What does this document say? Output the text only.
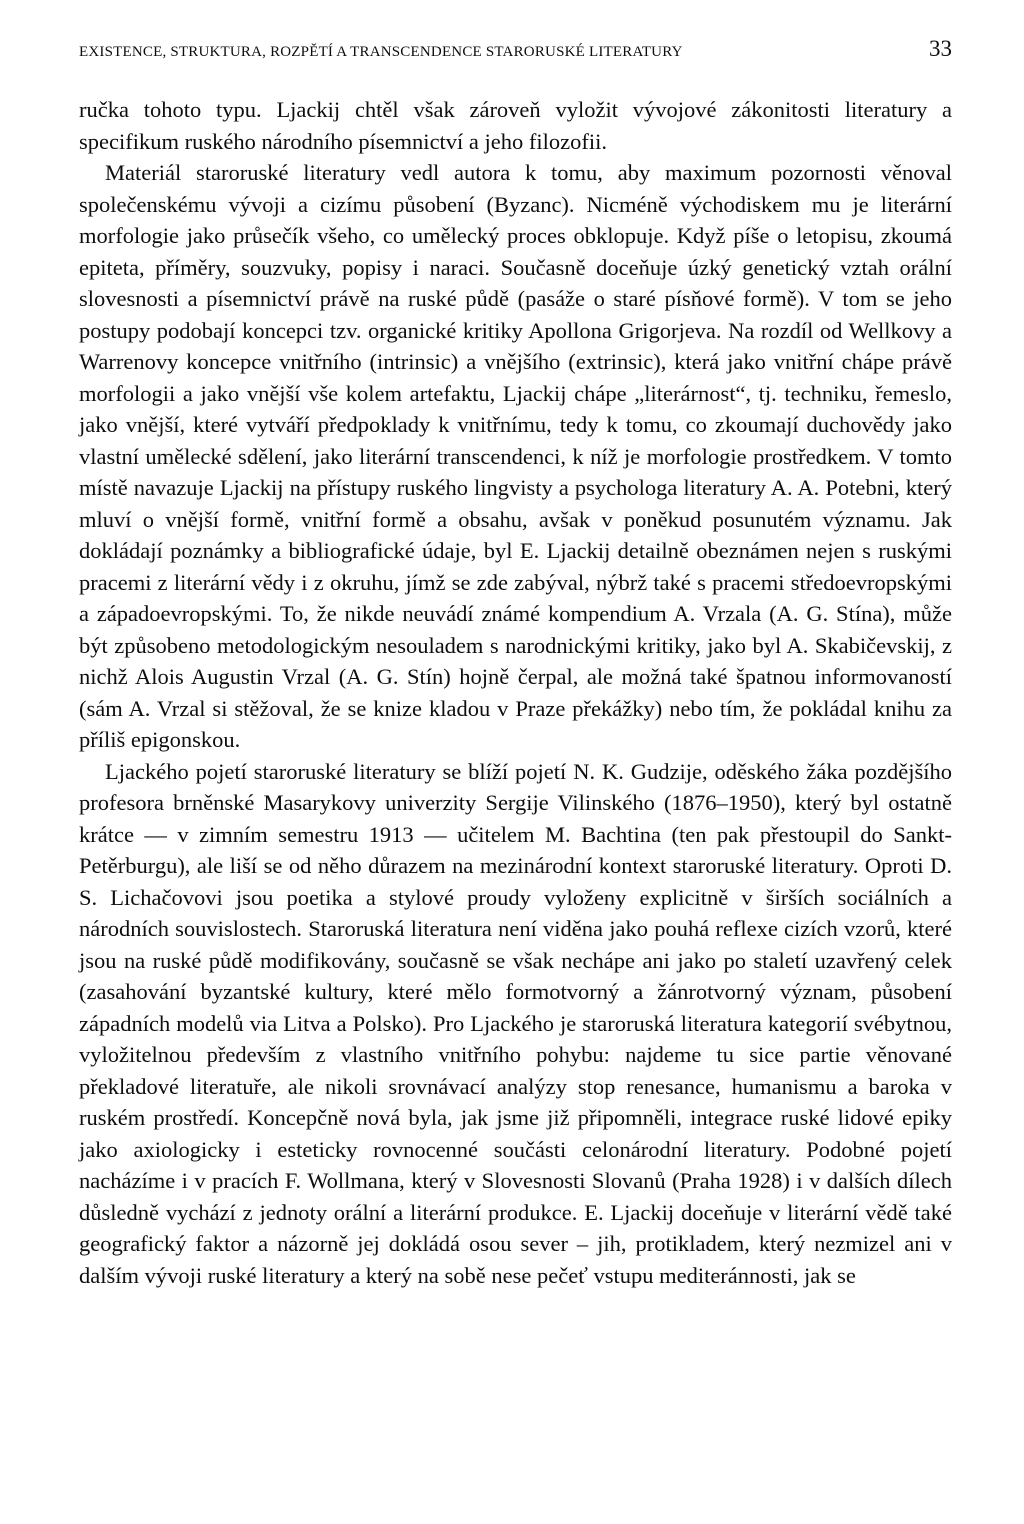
EXISTENCE, STRUKTURA, ROZPĚTÍ A TRANSCENDENCE STARORUSKÉ LITERATURY	33

ručka tohoto typu. Ljackij chtěl však zároveň vyložit vývojové zákonitosti literatury a specifikum ruského národního písemnictví a jeho filozofii.

Materiál staroruské literatury vedl autora k tomu, aby maximum pozornosti věnoval společenskému vývoji a cizímu působení (Byzanc). Nicméně východiskem mu je literární morfologie jako průsečík všeho, co umělecký proces obklopuje. Když píše o letopisu, zkoumá epiteta, příměry, souzvuky, popisy i naraci. Současně doceňuje úzký genetický vztah orální slovesnosti a písemnictví právě na ruské půdě (pasáže o staré písňové formě). V tom se jeho postupy podobají koncepci tzv. organické kritiky Apollona Grigorjeva. Na rozdíl od Wellkovy a Warrenovy koncepce vnitřního (intrinsic) a vnějšího (extrinsic), která jako vnitřní chápe právě morfologii a jako vnější vše kolem artefaktu, Ljackij chápe „literárnost“, tj. techniku, řemeslo, jako vnější, které vytváří předpoklady k vnitřnímu, tedy k tomu, co zkoumají duchovědy jako vlastní umělecké sdělení, jako literární transcendenci, k níž je morfologie prostředkem. V tomto místě navazuje Ljackij na přístupy ruského lingvisty a psychologa literatury A. A. Potebni, který mluví o vnější formě, vnitřní formě a obsahu, avšak v poněkud posunutém významu. Jak dokládají poznámky a bibliografické údaje, byl E. Ljackij detailně obeznámen nejen s ruskými pracemi z literární vědy i z okruhu, jímž se zde zabýval, nýbrž také s pracemi středoevropskými a západoevropskými. To, že nikde neuvádí známé kompendium A. Vrzala (A. G. Stína), může být způsobeno metodologickým nesouladem s narodnickými kritiky, jako byl A. Skabičevskij, z nichž Alois Augustin Vrzal (A. G. Stín) hojně čerpal, ale možná také špatnou informovaností (sám A. Vrzal si stěžoval, že se knize kladou v Praze překážky) nebo tím, že pokládal knihu za příliš epigonskou.

Ljackého pojetí staroruské literatury se blíží pojetí N. K. Gudzije, oděského žáka pozdějšího profesora brněnské Masarykovy univerzity Sergije Vilinského (1876–1950), který byl ostatně krátce — v zimním semestru 1913 — učitelem M. Bachtina (ten pak přestoupil do Sankt-Petěrburgu), ale liší se od něho důrazem na mezinárodní kontext staroruské literatury. Oproti D. S. Lichačovovi jsou poetika a stylové proudy vyloženy explicitně v širších sociálních a národních souvislostech. Staroruská literatura není viděna jako pouhá reflexe cizích vzorů, které jsou na ruské půdě modifikovány, současně se však nechápe ani jako po staletí uzavřený celek (zasahování byzantské kultury, které mělo formotvorný a žánrotvorný význam, působení západních modelů via Litva a Polsko). Pro Ljackého je staroruská literatura kategorií svébytnou, vyložitelnou především z vlastního vnitřního pohybu: najdeme tu sice partie věnované překladové literatuře, ale nikoli srovnávací analýzy stop renesance, humanismu a baroka v ruském prostředí. Koncepčně nová byla, jak jsme již připomněli, integrace ruské lidové epiky jako axiologicky i esteticky rovnocenné součásti celonárodní literatury. Podobné pojetí nacházíme i v pracích F. Wollmana, který v Slovesnosti Slovanů (Praha 1928) i v dalších dílech důsledně vychází z jednoty orální a literární produkce. E. Ljackij doceňuje v literární vědě také geografický faktor a názorně jej dokládá osou sever – jih, protikladem, který nezmizel ani v dalším vývoji ruské literatury a který na sobě nese pečeť vstupu mediteránnosti, jak se
